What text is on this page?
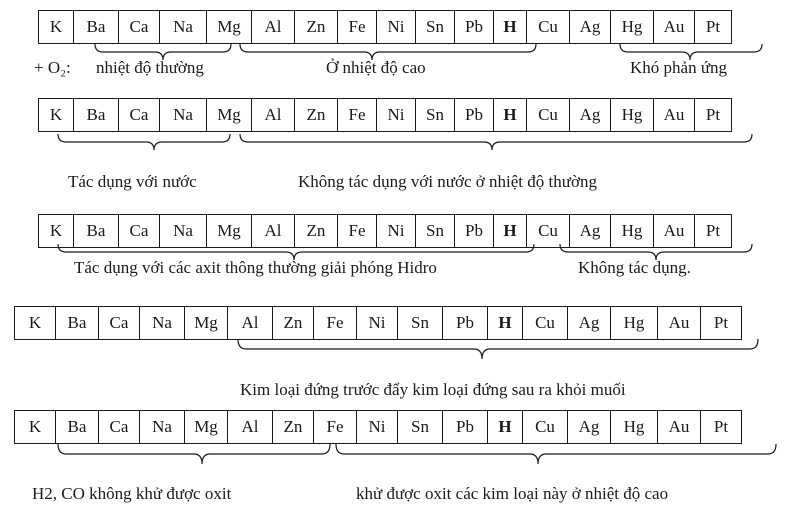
K	Ba	Ca	Na	Mg	Al	Zn	Fe	Ni	Sn	Pb	H	Cu	Ag	Hg	Au	Pt
+ O₂: nhiệt độ thường	Ở nhiệt độ cao	Khó phản ứng
K	Ba	Ca	Na	Mg	Al	Zn	Fe	Ni	Sn	Pb	H	Cu	Ag	Hg	Au	Pt
Tác dụng với nước	Không tác dụng với nước ở nhiệt độ thường
K	Ba	Ca	Na	Mg	Al	Zn	Fe	Ni	Sn	Pb	H	Cu	Ag	Hg	Au	Pt
Tác dụng với các axit thông thường giải phóng Hidro	Không tác dụng.
K	Ba	Ca	Na	Mg	Al	Zn	Fe	Ni	Sn	Pb	H	Cu	Ag	Hg	Au	Pt
Kim loại đứng trước đẩy kim loại đứng sau ra khỏi muối
K	Ba	Ca	Na	Mg	Al	Zn	Fe	Ni	Sn	Pb	H	Cu	Ag	Hg	Au	Pt
H2, CO không khử được oxit	khử được oxit các kim loại này ở nhiệt độ cao
